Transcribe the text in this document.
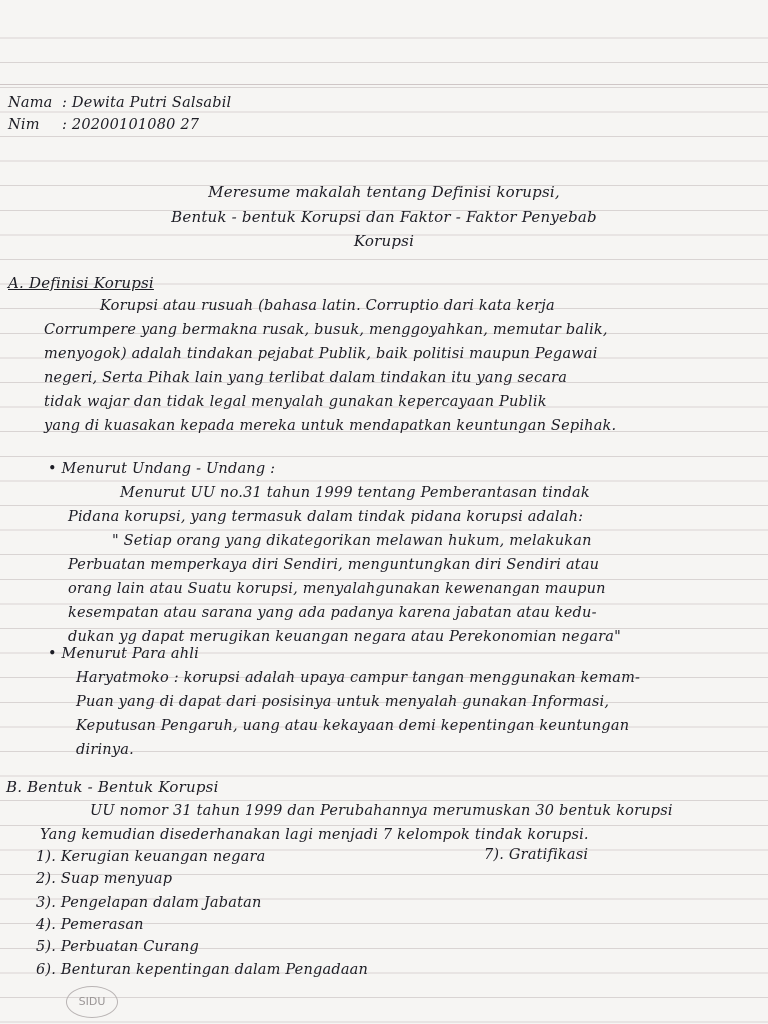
Nama : Dewita Putri Salsabil
Nim : 20200101080 27
Meresume makalah tentang Definisi korupsi,
Bentuk - bentuk Korupsi dan Faktor - Faktor Penyebab
Korupsi
A. Definisi Korupsi
Korupsi atau rusuah (bahasa latin. Corruptio dari kata kerja
Corrumpere yang bermakna rusak, busuk, menggoyahkan, memutar balik,
menyogok) adalah tindakan pejabat Publik, baik politisi maupun Pegawai
negeri, Serta Pihak lain yang terlibat dalam tindakan itu yang secara
tidak wajar dan tidak legal menyalah gunakan kepercayaan Publik
yang di kuasakan kepada mereka untuk mendapatkan keuntungan Sepihak.
• Menurut Undang - Undang :
Menurut UU no.31 tahun 1999 tentang Pemberantasan tindak
Pidana korupsi, yang termasuk dalam tindak pidana korupsi adalah:
" Setiap orang yang dikategorikan melawan hukum, melakukan
Perbuatan memperkaya diri Sendiri, menguntungkan diri Sendiri atau
orang lain atau Suatu korupsi, menyalahgunakan kewenangan maupun
kesempatan atau sarana yang ada padanya karena jabatan atau kedu-
dukan yg dapat merugikan keuangan negara atau Perekonomian negara"
• Menurut Para ahli
Haryatmoko : korupsi adalah upaya campur tangan menggunakan kemam-
Puan yang di dapat dari posisinya untuk menyalah gunakan Informasi,
Keputusan Pengaruh, uang atau kekayaan demi kepentingan keuntungan
dirinya.
B. Bentuk - Bentuk Korupsi
UU nomor 31 tahun 1999 dan Perubahannya merumuskan 30 bentuk korupsi
Yang kemudian disederhanakan lagi menjadi 7 kelompok tindak korupsi.
1). Kerugian keuangan negara	7). Gratifikasi
2). Suap menyuap
3). Pengelapan dalam Jabatan
4). Pemerasan
5). Perbuatan Curang
6). Benturan kepentingan dalam Pengadaan
SIDU
